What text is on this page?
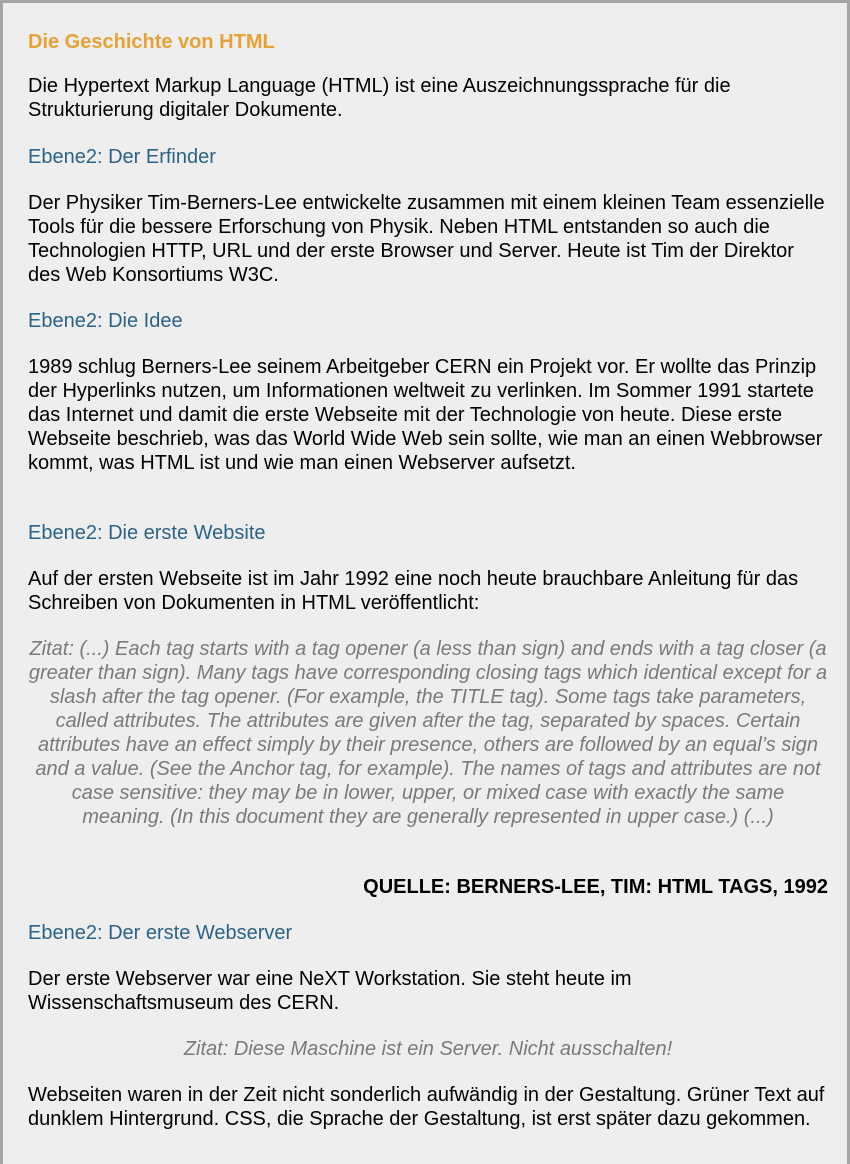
Die Geschichte von HTML

Die Hypertext Markup Language (HTML) ist eine Auszeichnungssprache für die Strukturierung digitaler Dokumente.

Ebene2: Der Erfinder

Der Physiker Tim-Berners-Lee entwickelte zusammen mit einem kleinen Team essenzielle Tools für die bessere Erforschung von Physik. Neben HTML entstanden so auch die Technologien HTTP, URL und der erste Browser und Server. Heute ist Tim der Direktor des Web Konsortiums W3C.

Ebene2: Die Idee

1989 schlug Berners-Lee seinem Arbeitgeber CERN ein Projekt vor. Er wollte das Prinzip der Hyperlinks nutzen, um Informationen weltweit zu verlinken. Im Sommer 1991 startete das Internet und damit die erste Webseite mit der Technologie von heute. Diese erste Webseite beschrieb, was das World Wide Web sein sollte, wie man an einen Webbrowser kommt, was HTML ist und wie man einen Webserver aufsetzt.

Ebene2: Die erste Website

Auf der ersten Webseite ist im Jahr 1992 eine noch heute brauchbare Anleitung für das Schreiben von Dokumenten in HTML veröffentlicht:

Zitat: (...) Each tag starts with a tag opener (a less than sign) and ends with a tag closer (a greater than sign). Many tags have corresponding closing tags which identical except for a slash after the tag opener. (For example, the TITLE tag). Some tags take parameters, called attributes. The attributes are given after the tag, separated by spaces. Certain attributes have an effect simply by their presence, others are followed by an equal’s sign and a value. (See the Anchor tag, for example). The names of tags and attributes are not case sensitive: they may be in lower, upper, or mixed case with exactly the same meaning. (In this document they are generally represented in upper case.) (...)

QUELLE: BERNERS-LEE, TIM: HTML TAGS, 1992

Ebene2: Der erste Webserver

Der erste Webserver war eine NeXT Workstation. Sie steht heute im Wissenschaftsmuseum des CERN.

Zitat: Diese Maschine ist ein Server. Nicht ausschalten!

Webseiten waren in der Zeit nicht sonderlich aufwändig in der Gestaltung. Grüner Text auf dunklem Hintergrund. CSS, die Sprache der Gestaltung, ist erst später dazu gekommen.
